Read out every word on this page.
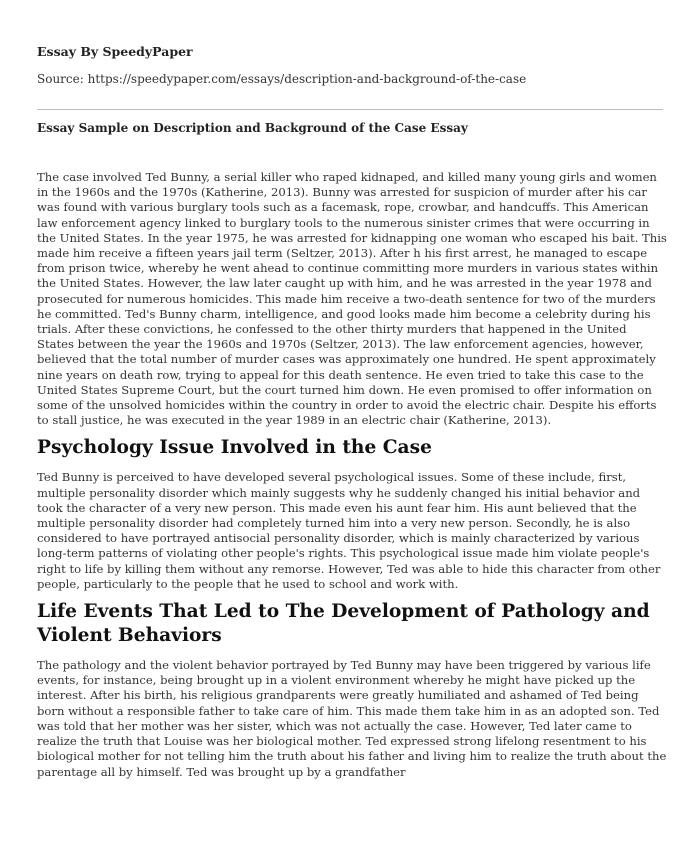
Essay By SpeedyPaper
Source: https://speedypaper.com/essays/description-and-background-of-the-case
Essay Sample on Description and Background of the Case Essay

The case involved Ted Bunny, a serial killer who raped kidnaped, and killed many young girls and women in the 1960s and the 1970s (Katherine, 2013). Bunny was arrested for suspicion of murder after his car was found with various burglary tools such as a facemask, rope, crowbar, and handcuffs. This American law enforcement agency linked to burglary tools to the numerous sinister crimes that were occurring in the United States. In the year 1975, he was arrested for kidnapping one woman who escaped his bait. This made him receive a fifteen years jail term (Seltzer, 2013). After h his first arrest, he managed to escape from prison twice, whereby he went ahead to continue committing more murders in various states within the United States. However, the law later caught up with him, and he was arrested in the year 1978 and prosecuted for numerous homicides. This made him receive a two-death sentence for two of the murders he committed. Ted's Bunny charm, intelligence, and good looks made him become a celebrity during his trials. After these convictions, he confessed to the other thirty murders that happened in the United States between the year the 1960s and 1970s (Seltzer, 2013). The law enforcement agencies, however, believed that the total number of murder cases was approximately one hundred. He spent approximately nine years on death row, trying to appeal for this death sentence. He even tried to take this case to the United States Supreme Court, but the court turned him down. He even promised to offer information on some of the unsolved homicides within the country in order to avoid the electric chair. Despite his efforts to stall justice, he was executed in the year 1989 in an electric chair (Katherine, 2013).

Psychology Issue Involved in the Case

Ted Bunny is perceived to have developed several psychological issues. Some of these include, first, multiple personality disorder which mainly suggests why he suddenly changed his initial behavior and took the character of a very new person. This made even his aunt fear him. His aunt believed that the multiple personality disorder had completely turned him into a very new person. Secondly, he is also considered to have portrayed antisocial personality disorder, which is mainly characterized by various long-term patterns of violating other people's rights. This psychological issue made him violate people's right to life by killing them without any remorse. However, Ted was able to hide this character from other people, particularly to the people that he used to school and work with.

Life Events That Led to The Development of Pathology and Violent Behaviors

The pathology and the violent behavior portrayed by Ted Bunny may have been triggered by various life events, for instance, being brought up in a violent environment whereby he might have picked up the interest. After his birth, his religious grandparents were greatly humiliated and ashamed of Ted being born without a responsible father to take care of him. This made them take him in as an adopted son. Ted was told that her mother was her sister, which was not actually the case. However, Ted later came to realize the truth that Louise was her biological mother. Ted expressed strong lifelong resentment to his biological mother for not telling him the truth about his father and living him to realize the truth about the parentage all by himself. Ted was brought up by a grandfather
